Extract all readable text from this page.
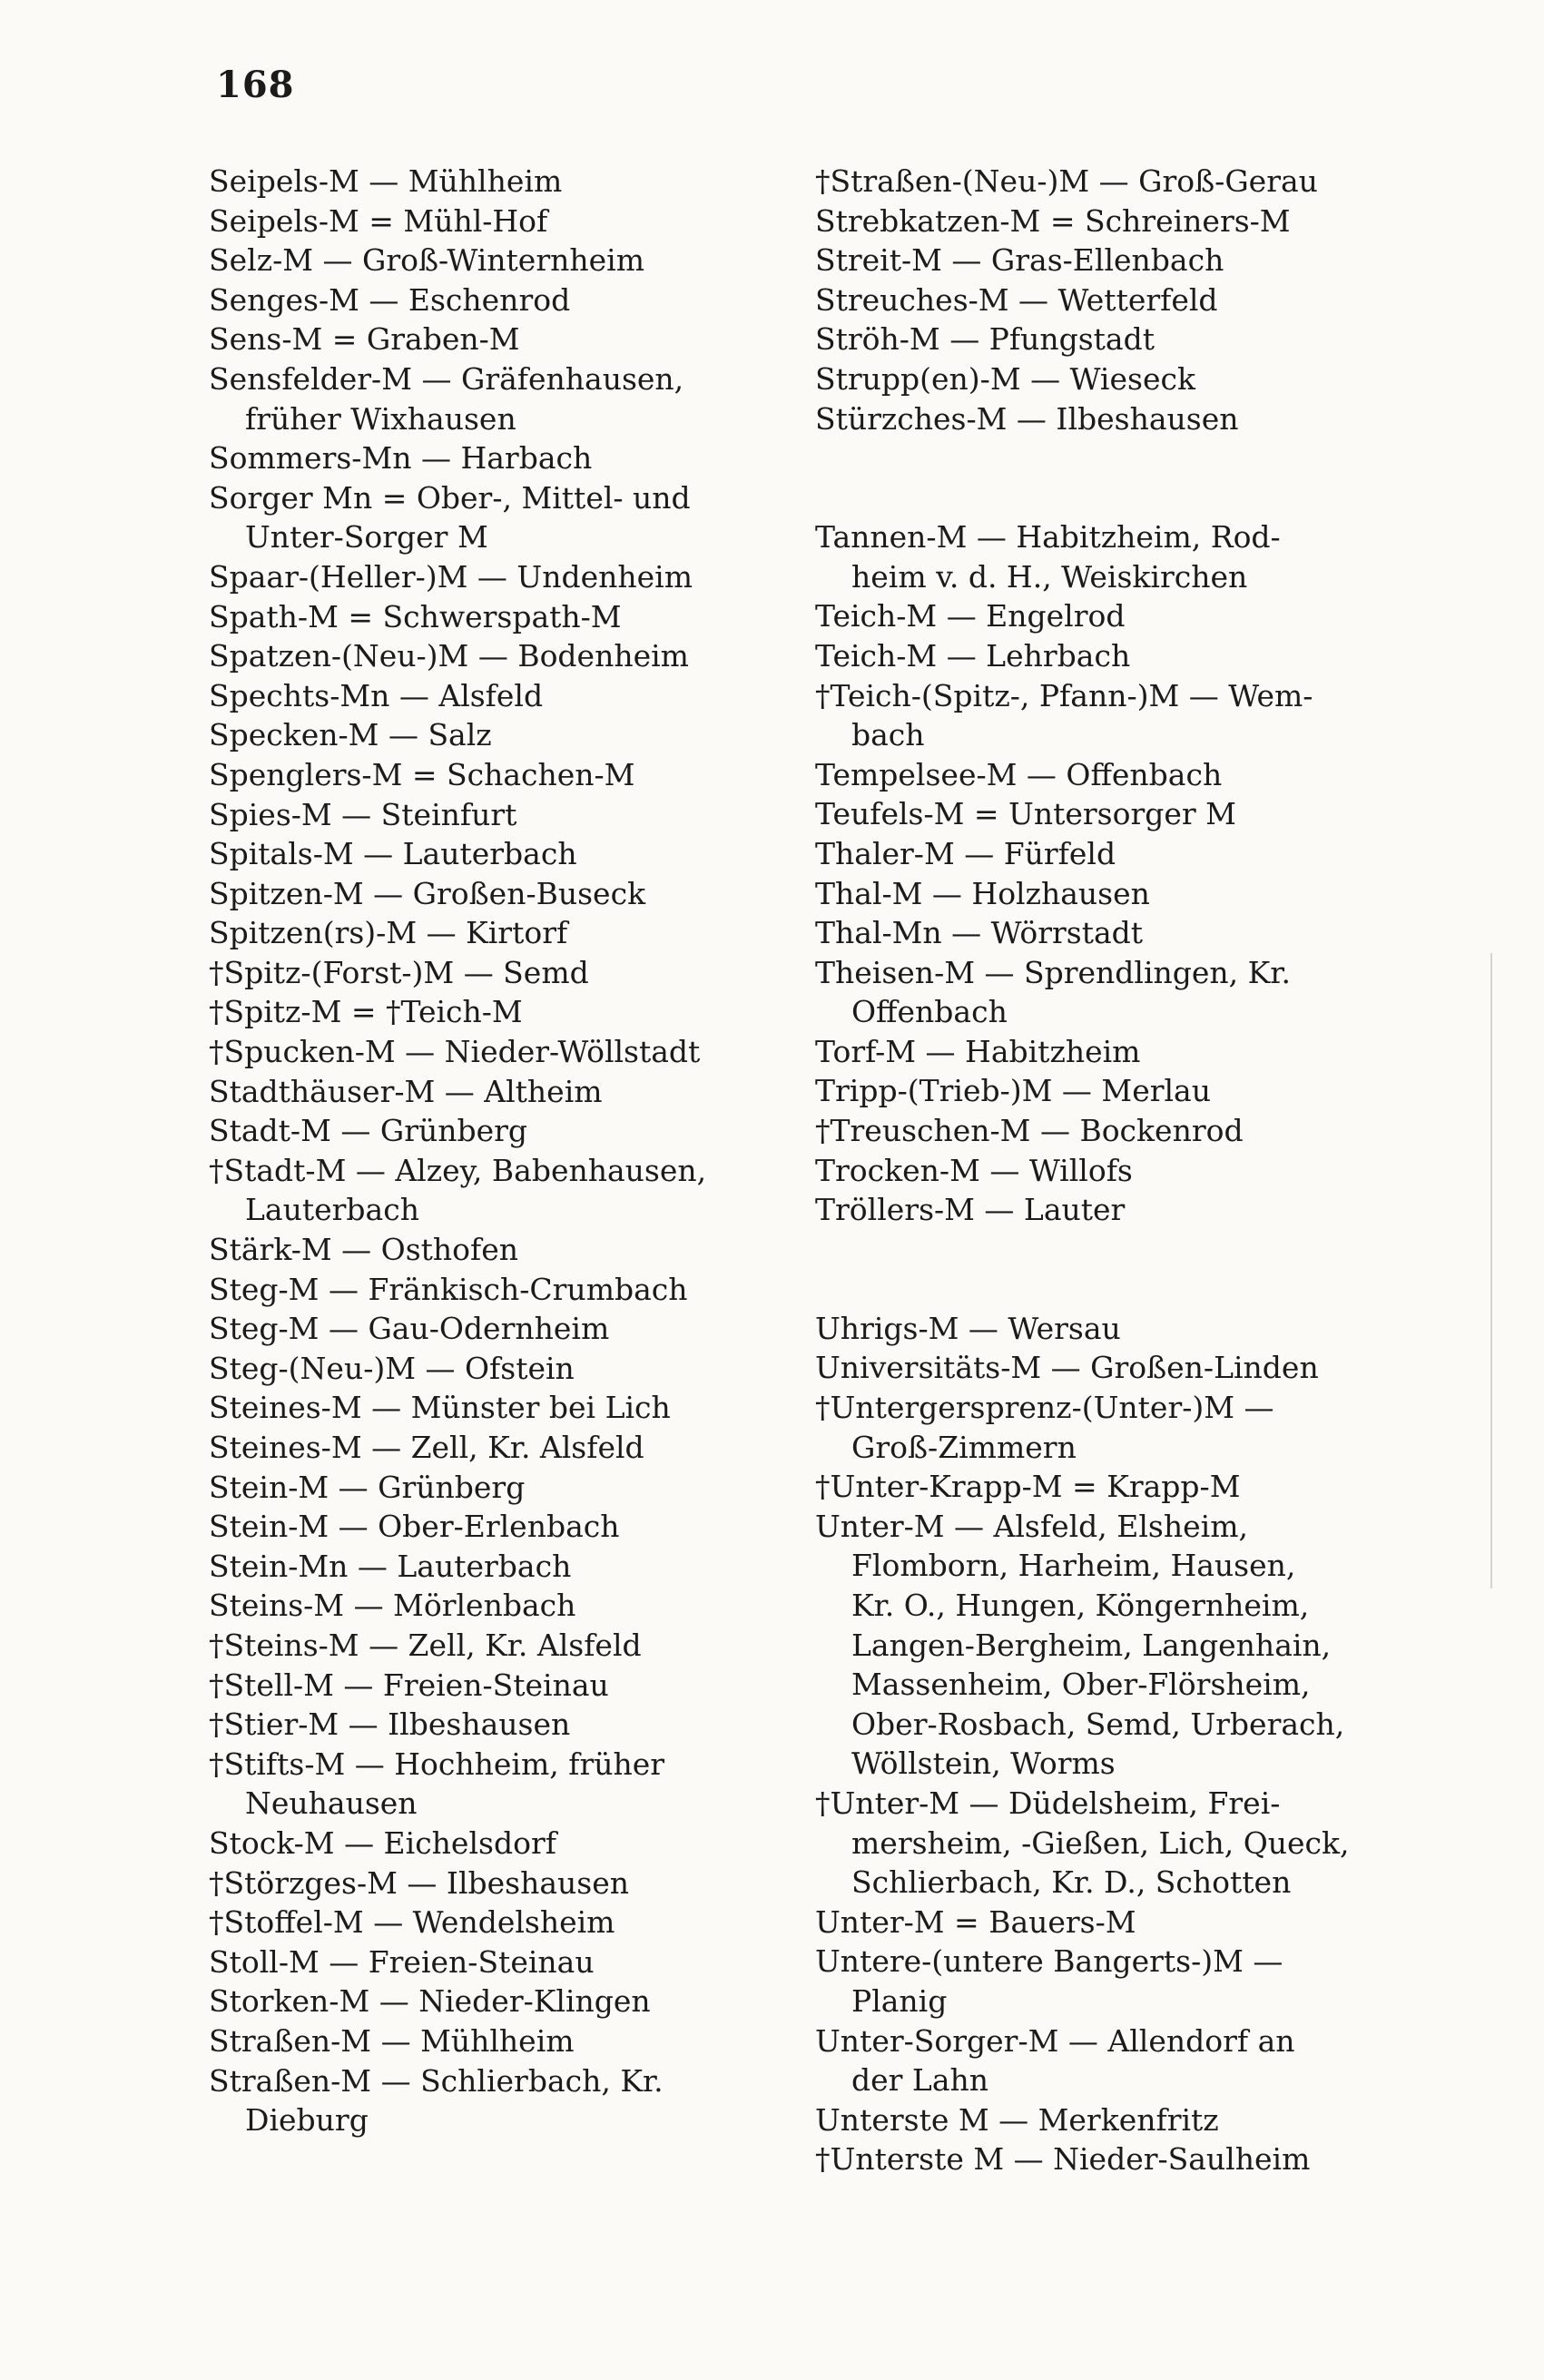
168
Seipels-M — Mühlheim
Seipels-M = Mühl-Hof
Selz-M — Groß-Winternheim
Senges-M — Eschenrod
Sens-M = Graben-M
Sensfelder-M — Gräfenhausen,
früher Wixhausen
Sommers-Mn — Harbach
Sorger Mn = Ober-, Mittel- und
Unter-Sorger M
Spaar-(Heller-)M — Undenheim
Spath-M = Schwerspath-M
Spatzen-(Neu-)M — Bodenheim
Spechts-Mn — Alsfeld
Specken-M — Salz
Spenglers-M = Schachen-M
Spies-M — Steinfurt
Spitals-M — Lauterbach
Spitzen-M — Großen-Buseck
Spitzen(rs)-M — Kirtorf
†Spitz-(Forst-)M — Semd
†Spitz-M = †Teich-M
†Spucken-M — Nieder-Wöllstadt
Stadthäuser-M — Altheim
Stadt-M — Grünberg
†Stadt-M — Alzey, Babenhausen,
Lauterbach
Stärk-M — Osthofen
Steg-M — Fränkisch-Crumbach
Steg-M — Gau-Odernheim
Steg-(Neu-)M — Ofstein
Steines-M — Münster bei Lich
Steines-M — Zell, Kr. Alsfeld
Stein-M — Grünberg
Stein-M — Ober-Erlenbach
Stein-Mn — Lauterbach
Steins-M — Mörlenbach
†Steins-M — Zell, Kr. Alsfeld
†Stell-M — Freien-Steinau
†Stier-M — Ilbeshausen
†Stifts-M — Hochheim, früher
Neuhausen
Stock-M — Eichelsdorf
†Störzges-M — Ilbeshausen
†Stoffel-M — Wendelsheim
Stoll-M — Freien-Steinau
Storken-M — Nieder-Klingen
Straßen-M — Mühlheim
Straßen-M — Schlierbach, Kr.
Dieburg
†Straßen-(Neu-)M — Groß-Gerau
Strebkatzen-M = Schreiners-M
Streit-M — Gras-Ellenbach
Streuches-M — Wetterfeld
Ströh-M — Pfungstadt
Strupp(en)-M — Wieseck
Stürzches-M — Ilbeshausen
Tannen-M — Habitzheim, Rod-
heim v. d. H., Weiskirchen
Teich-M — Engelrod
Teich-M — Lehrbach
†Teich-(Spitz-, Pfann-)M — Wem-
bach
Tempelsee-M — Offenbach
Teufels-M = Untersorger M
Thaler-M — Fürfeld
Thal-M — Holzhausen
Thal-Mn — Wörrstadt
Theisen-M — Sprendlingen, Kr.
Offenbach
Torf-M — Habitzheim
Tripp-(Trieb-)M — Merlau
†Treuschen-M — Bockenrod
Trocken-M — Willofs
Tröllers-M — Lauter
Uhrigs-M — Wersau
Universitäts-M — Großen-Linden
†Untergersprenz-(Unter-)M —
Groß-Zimmern
†Unter-Krapp-M = Krapp-M
Unter-M — Alsfeld, Elsheim,
Flomborn, Harheim, Hausen,
Kr. O., Hungen, Köngernheim,
Langen-Bergheim, Langenhain,
Massenheim, Ober-Flörsheim,
Ober-Rosbach, Semd, Urberach,
Wöllstein, Worms
†Unter-M — Düdelsheim, Frei-
mersheim, -Gießen, Lich, Queck,
Schlierbach, Kr. D., Schotten
Unter-M = Bauers-M
Untere-(untere Bangerts-)M —
Planig
Unter-Sorger-M — Allendorf an
der Lahn
Unterste M — Merkenfritz
†Unterste M — Nieder-Saulheim
